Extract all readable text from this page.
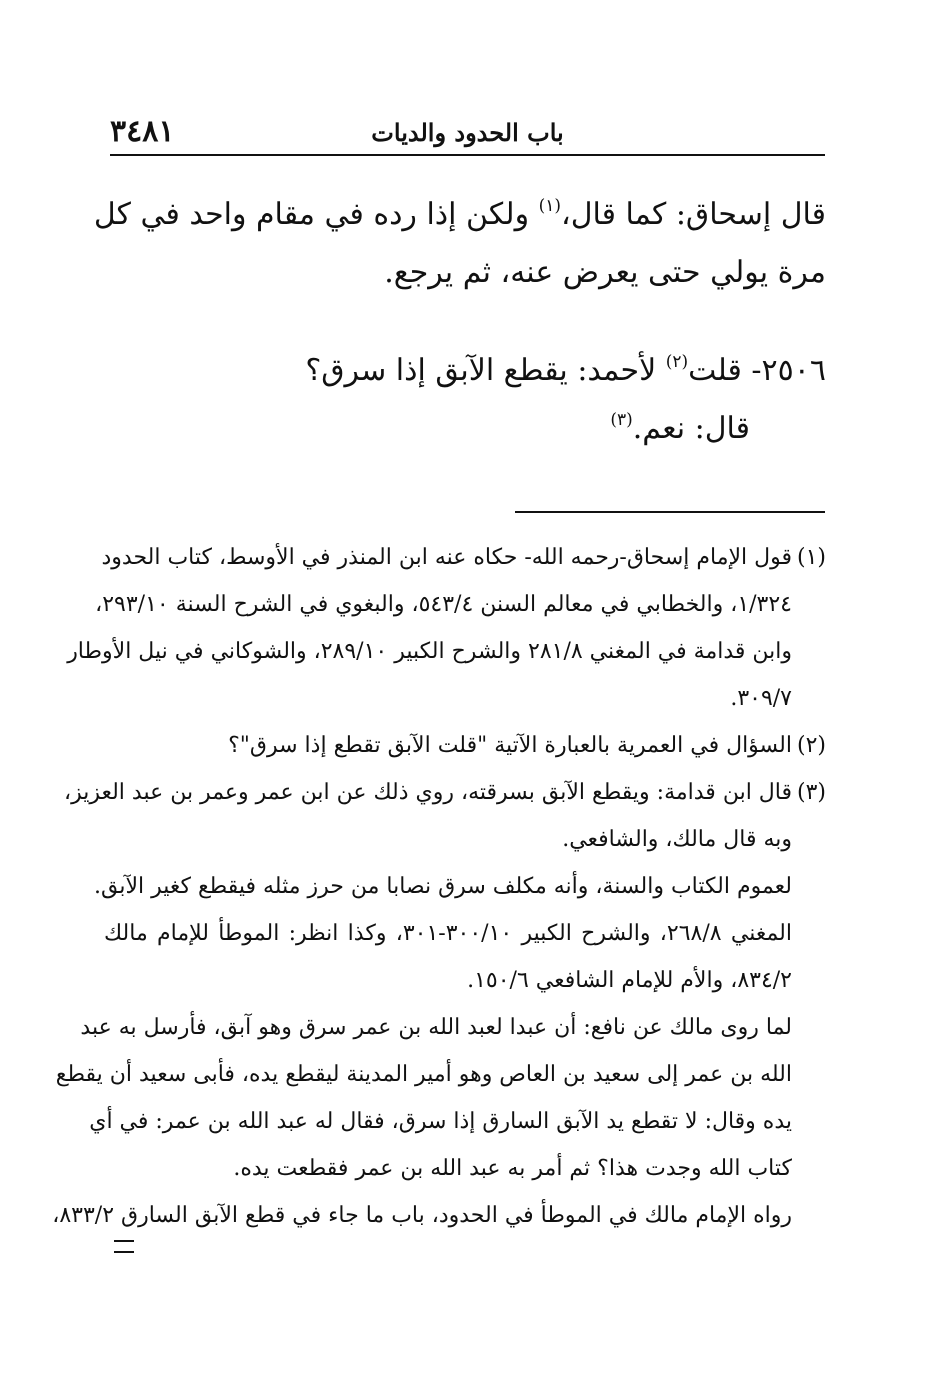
٣٤٨١	باب الحدود والديات
قال إسحاق: كما قال،$^{(١)}$ ولكن إذا رده في مقام واحد في كل
مرة يولي حتى يعرض عنه، ثم يرجع.
٢٥٠٦- قلت$^{(٢)}$ لأحمد: يقطع الآبق إذا سرق؟
قال: نعم.$^{(٣)}$
(١)قول الإمام إسحاق-رحمه الله- حكاه عنه ابن المنذر في الأوسط، كتاب الحدود
١/٣٢٤، والخطابي في معالم السنن ٥٤٣/٤، والبغوي في الشرح السنة ٢٩٣/١٠،
وابن قدامة في المغني ٢٨١/٨ والشرح الكبير ٢٨٩/١٠، والشوكاني في نيل الأوطار
٣٠٩/٧.
(٢)السؤال في العمرية بالعبارة الآتية "قلت الآبق تقطع إذا سرق"؟
(٣)قال ابن قدامة: ويقطع الآبق بسرقته، روي ذلك عن ابن عمر وعمر بن عبد العزيز،
وبه قال مالك، والشافعي.
لعموم الكتاب والسنة، وأنه مكلف سرق نصابا من حرز مثله فيقطع كغير الآبق.
المغني ٢٦٨/٨، والشرح الكبير ٣٠٠/١٠-٣٠١، وكذا انظر: الموطأ للإمام مالك
٨٣٤/٢، والأم للإمام الشافعي ١٥٠/٦.
لما روى مالك عن نافع: أن عبدا لعبد الله بن عمر سرق وهو آبق، فأرسل به عبد
الله بن عمر إلى سعيد بن العاص وهو أمير المدينة ليقطع يده، فأبى سعيد أن يقطع
يده وقال: لا تقطع يد الآبق السارق إذا سرق، فقال له عبد الله بن عمر: في أي
كتاب الله وجدت هذا؟ ثم أمر به عبد الله بن عمر فقطعت يده.
رواه الإمام مالك في الموطأ في الحدود، باب ما جاء في قطع الآبق السارق ٨٣٣/٢،
